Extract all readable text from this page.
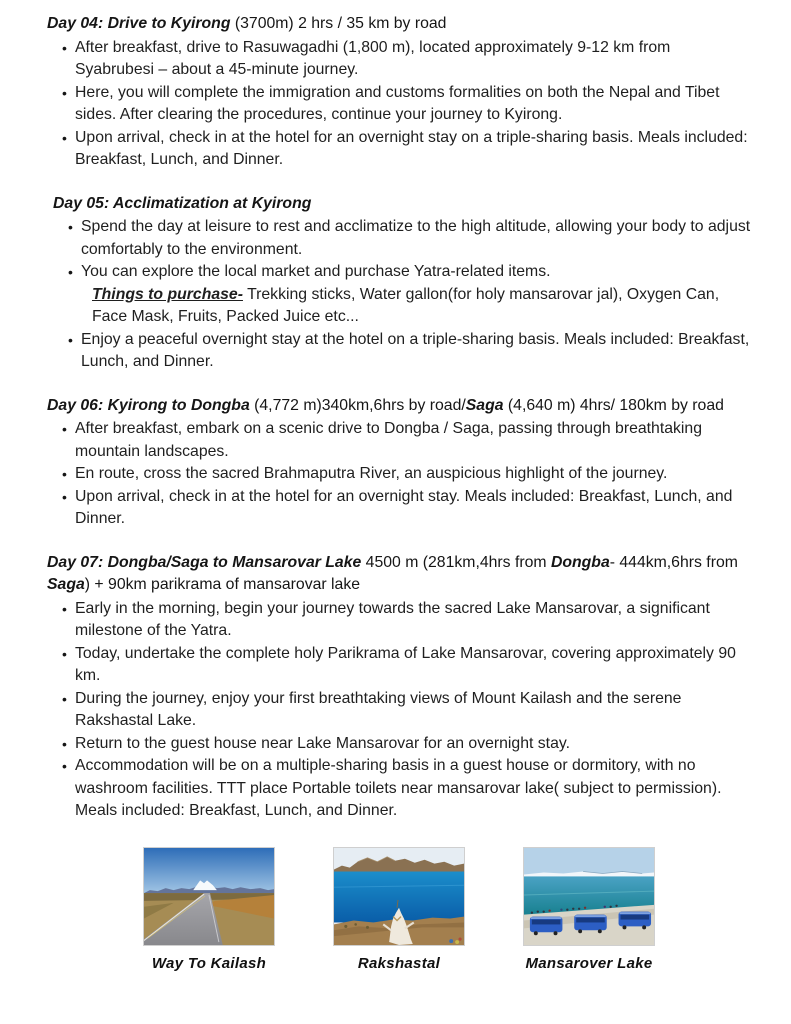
Day 04: Drive to Kyirong (3700m) 2 hrs / 35 km by road
• After breakfast, drive to Rasuwagadhi (1,800 m), located approximately 9-12 km from Syabrubesi – about a 45-minute journey.
• Here, you will complete the immigration and customs formalities on both the Nepal and Tibet sides. After clearing the procedures, continue your journey to Kyirong.
• Upon arrival, check in at the hotel for an overnight stay on a triple-sharing basis. Meals included: Breakfast, Lunch, and Dinner.
Day 05: Acclimatization at Kyirong
• Spend the day at leisure to rest and acclimatize to the high altitude, allowing your body to adjust comfortably to the environment.
• You can explore the local market and purchase Yatra-related items.
Things to purchase- Trekking sticks, Water gallon(for holy mansarovar jal), Oxygen Can, Face Mask, Fruits, Packed Juice etc...
• Enjoy a peaceful overnight stay at the hotel on a triple-sharing basis. Meals included: Breakfast, Lunch, and Dinner.
Day 06: Kyirong to Dongba (4,772 m)340km,6hrs by road/Saga (4,640 m) 4hrs/ 180km by road
• After breakfast, embark on a scenic drive to Dongba / Saga, passing through breathtaking mountain landscapes.
• En route, cross the sacred Brahmaputra River, an auspicious highlight of the journey.
• Upon arrival, check in at the hotel for an overnight stay. Meals included: Breakfast, Lunch, and Dinner.
Day 07: Dongba/Saga to Mansarovar Lake 4500 m (281km,4hrs from Dongba- 444km,6hrs from Saga) + 90km parikrama of mansarovar lake
• Early in the morning, begin your journey towards the sacred Lake Mansarovar, a significant milestone of the Yatra.
• Today, undertake the complete holy Parikrama of Lake Mansarovar, covering approximately 90 km.
• During the journey, enjoy your first breathtaking views of Mount Kailash and the serene Rakshastal Lake.
• Return to the guest house near Lake Mansarovar for an overnight stay.
• Accommodation will be on a multiple-sharing basis in a guest house or dormitory, with no washroom facilities. TTT place Portable toilets near mansarovar lake( subject to permission). Meals included: Breakfast, Lunch, and Dinner.
Way To Kailash	Rakshastal	Mansarover Lake
